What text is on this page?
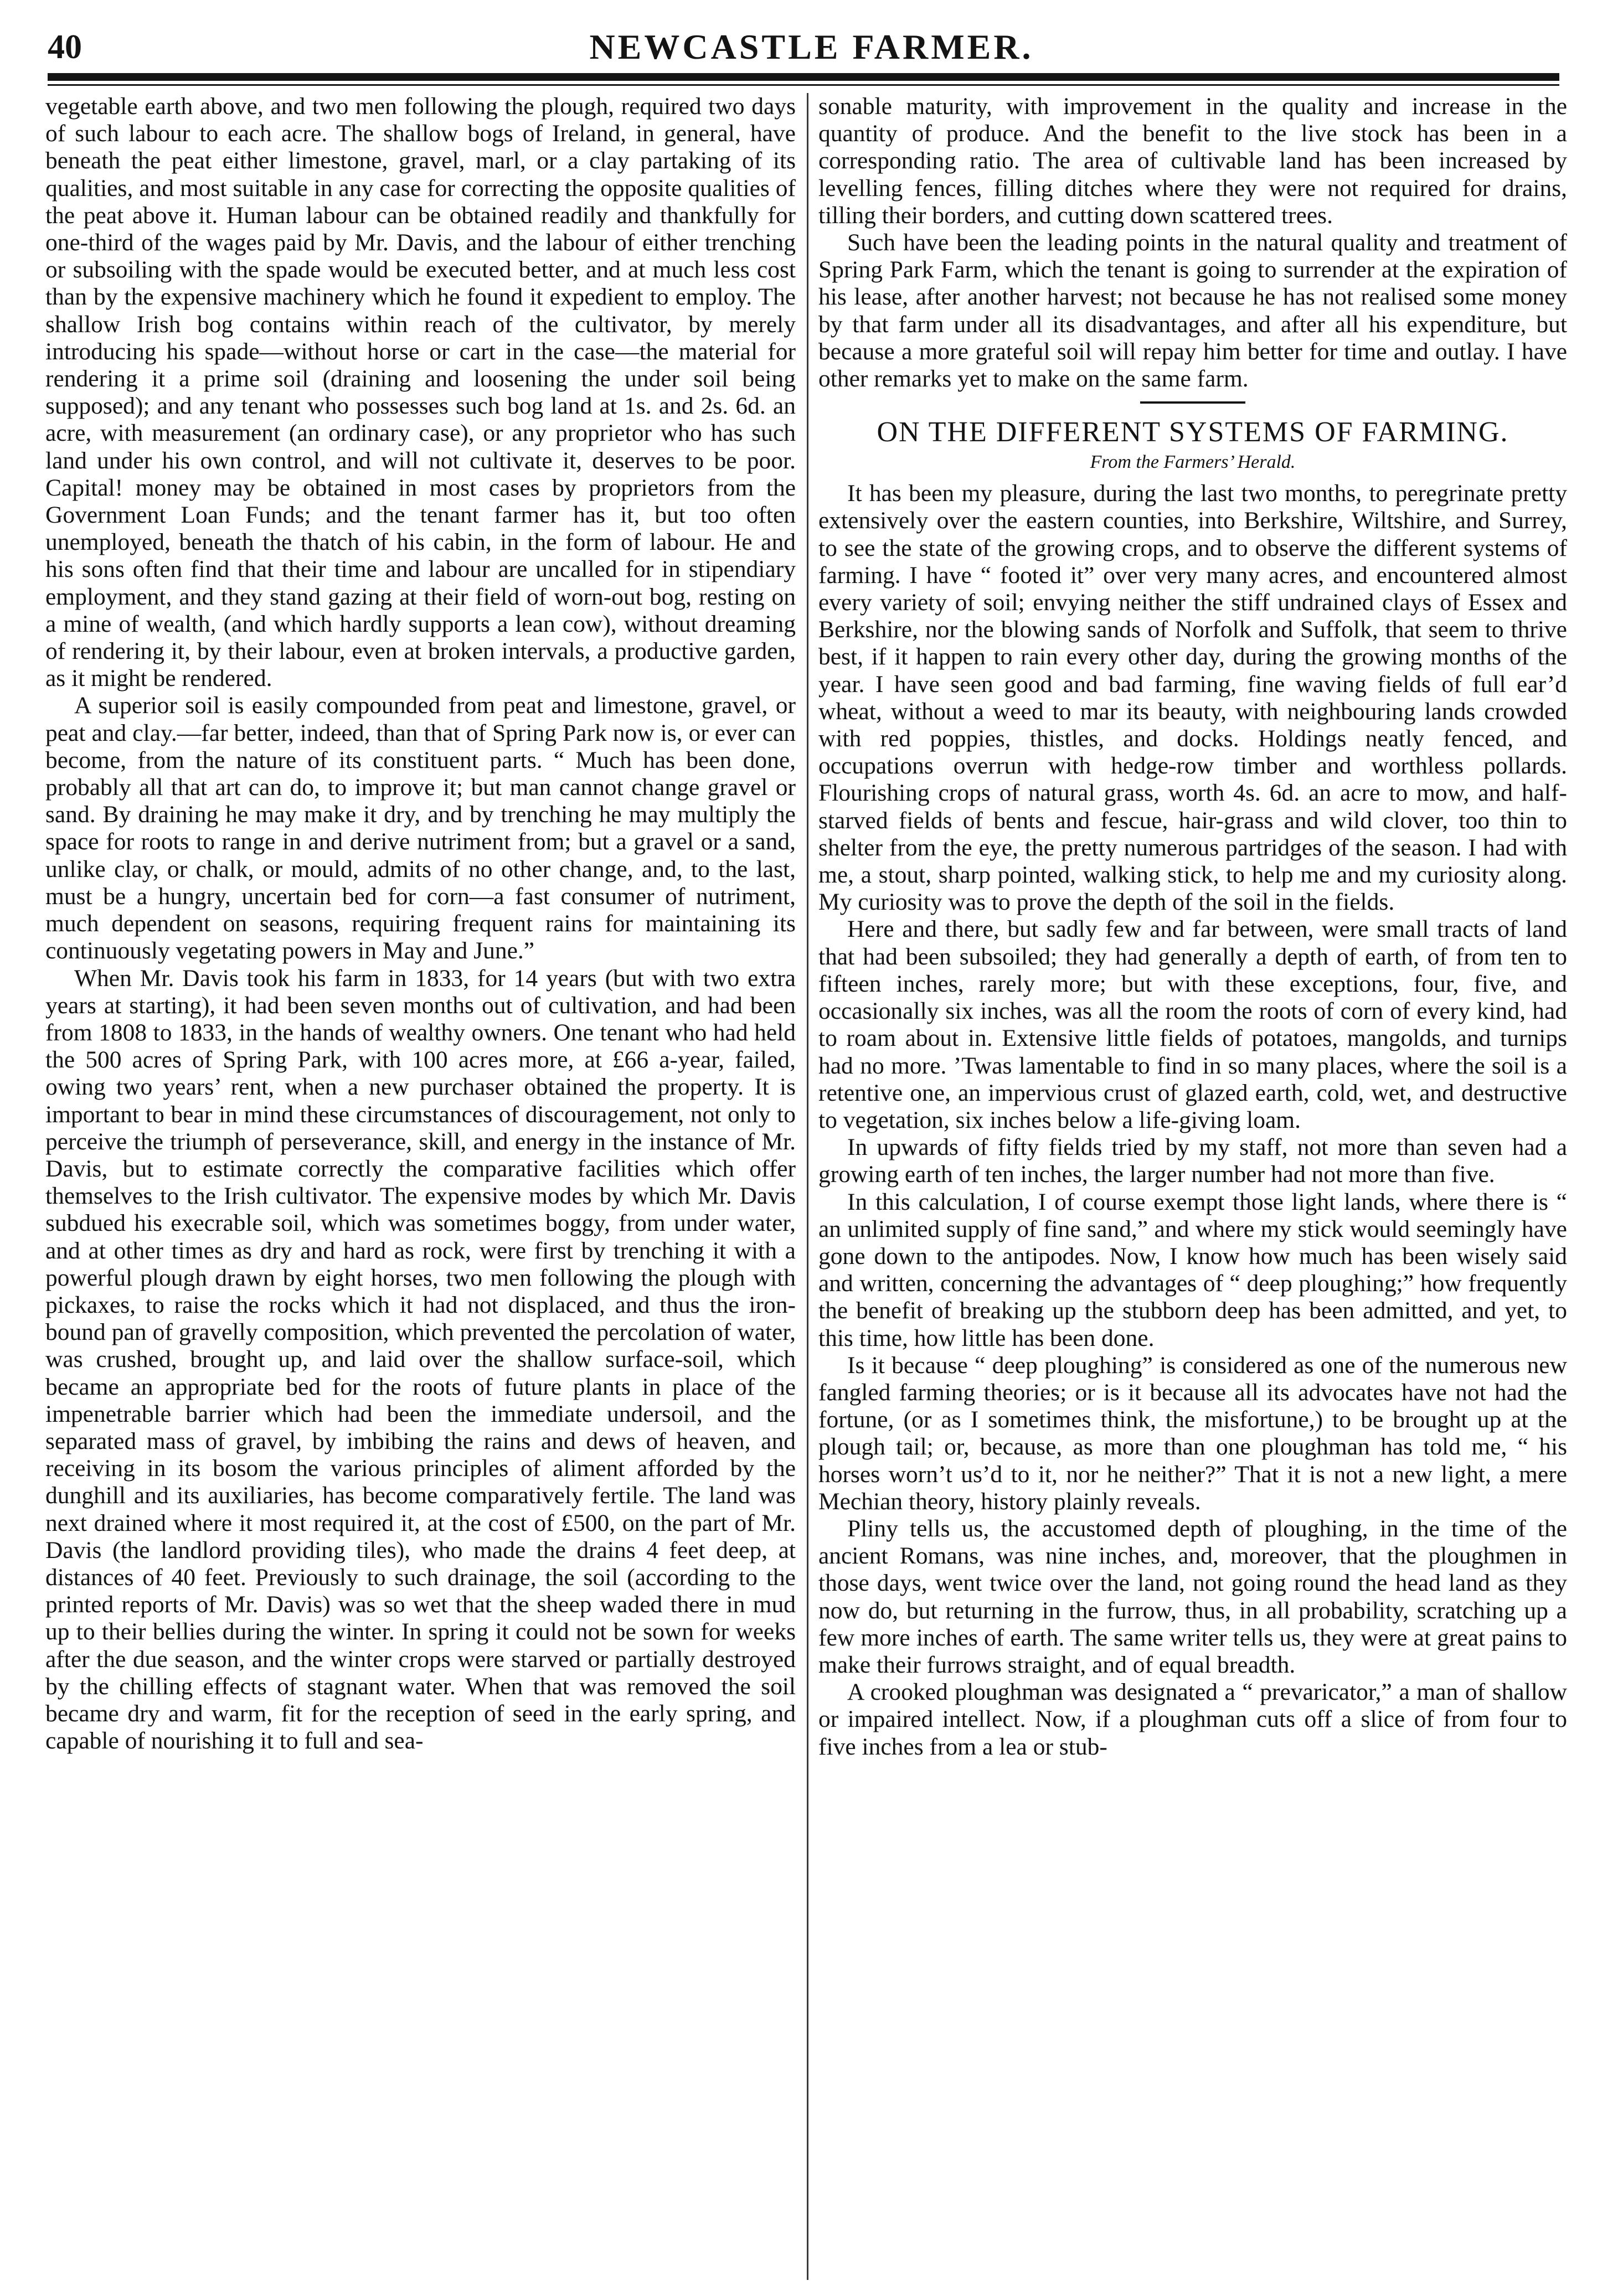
40	NEWCASTLE FARMER.

vegetable earth above, and two men following the plough, required two days of such labour to each acre. The shallow bogs of Ireland, in general, have beneath the peat either limestone, gravel, marl, or a clay partaking of its qualities, and most suitable in any case for correcting the opposite qualities of the peat above it. Human labour can be obtained readily and thankfully for one-third of the wages paid by Mr. Davis, and the labour of either trenching or subsoiling with the spade would be executed better, and at much less cost than by the expensive machinery which he found it expedient to employ. The shallow Irish bog contains within reach of the cultivator, by merely introducing his spade—without horse or cart in the case—the material for rendering it a prime soil (draining and loosening the under soil being supposed); and any tenant who possesses such bog land at 1s. and 2s. 6d. an acre, with measurement (an ordinary case), or any proprietor who has such land under his own control, and will not cultivate it, deserves to be poor. Capital! money may be obtained in most cases by proprietors from the Government Loan Funds; and the tenant farmer has it, but too often unemployed, beneath the thatch of his cabin, in the form of labour. He and his sons often find that their time and labour are uncalled for in stipendiary employment, and they stand gazing at their field of worn-out bog, resting on a mine of wealth, (and which hardly supports a lean cow), without dreaming of rendering it, by their labour, even at broken intervals, a productive garden, as it might be rendered.

A superior soil is easily compounded from peat and limestone, gravel, or peat and clay.—far better, indeed, than that of Spring Park now is, or ever can become, from the nature of its constituent parts. “ Much has been done, probably all that art can do, to improve it; but man cannot change gravel or sand. By draining he may make it dry, and by trenching he may multiply the space for roots to range in and derive nutriment from; but a gravel or a sand, unlike clay, or chalk, or mould, admits of no other change, and, to the last, must be a hungry, uncertain bed for corn—a fast consumer of nutriment, much dependent on seasons, requiring frequent rains for maintaining its continuously vegetating powers in May and June.”

When Mr. Davis took his farm in 1833, for 14 years (but with two extra years at starting), it had been seven months out of cultivation, and had been from 1808 to 1833, in the hands of wealthy owners. One tenant who had held the 500 acres of Spring Park, with 100 acres more, at £66 a-year, failed, owing two years’ rent, when a new purchaser obtained the property. It is important to bear in mind these circumstances of discouragement, not only to perceive the triumph of perseverance, skill, and energy in the instance of Mr. Davis, but to estimate correctly the comparative facilities which offer themselves to the Irish cultivator. The expensive modes by which Mr. Davis subdued his execrable soil, which was sometimes boggy, from under water, and at other times as dry and hard as rock, were first by trenching it with a powerful plough drawn by eight horses, two men following the plough with pickaxes, to raise the rocks which it had not displaced, and thus the iron-bound pan of gravelly composition, which prevented the percolation of water, was crushed, brought up, and laid over the shallow surface-soil, which became an appropriate bed for the roots of future plants in place of the impenetrable barrier which had been the immediate undersoil, and the separated mass of gravel, by imbibing the rains and dews of heaven, and receiving in its bosom the various principles of aliment afforded by the dunghill and its auxiliaries, has become comparatively fertile. The land was next drained where it most required it, at the cost of £500, on the part of Mr. Davis (the landlord providing tiles), who made the drains 4 feet deep, at distances of 40 feet. Previously to such drainage, the soil (according to the printed reports of Mr. Davis) was so wet that the sheep waded there in mud up to their bellies during the winter. In spring it could not be sown for weeks after the due season, and the winter crops were starved or partially destroyed by the chilling effects of stagnant water. When that was removed the soil became dry and warm, fit for the reception of seed in the early spring, and capable of nourishing it to full and sea-

sonable maturity, with improvement in the quality and increase in the quantity of produce. And the benefit to the live stock has been in a corresponding ratio. The area of cultivable land has been increased by levelling fences, filling ditches where they were not required for drains, tilling their borders, and cutting down scattered trees.

Such have been the leading points in the natural quality and treatment of Spring Park Farm, which the tenant is going to surrender at the expiration of his lease, after another harvest; not because he has not realised some money by that farm under all its disadvantages, and after all his expenditure, but because a more grateful soil will repay him better for time and outlay. I have other remarks yet to make on the same farm.

ON THE DIFFERENT SYSTEMS OF FARMING.
From the Farmers’ Herald.

It has been my pleasure, during the last two months, to peregrinate pretty extensively over the eastern counties, into Berkshire, Wiltshire, and Surrey, to see the state of the growing crops, and to observe the different systems of farming. I have “ footed it” over very many acres, and encountered almost every variety of soil; envying neither the stiff undrained clays of Essex and Berkshire, nor the blowing sands of Norfolk and Suffolk, that seem to thrive best, if it happen to rain every other day, during the growing months of the year. I have seen good and bad farming, fine waving fields of full ear’d wheat, without a weed to mar its beauty, with neighbouring lands crowded with red poppies, thistles, and docks. Holdings neatly fenced, and occupations overrun with hedge-row timber and worthless pollards. Flourishing crops of natural grass, worth 4s. 6d. an acre to mow, and half-starved fields of bents and fescue, hair-grass and wild clover, too thin to shelter from the eye, the pretty numerous partridges of the season. I had with me, a stout, sharp pointed, walking stick, to help me and my curiosity along. My curiosity was to prove the depth of the soil in the fields.

Here and there, but sadly few and far between, were small tracts of land that had been subsoiled; they had generally a depth of earth, of from ten to fifteen inches, rarely more; but with these exceptions, four, five, and occasionally six inches, was all the room the roots of corn of every kind, had to roam about in. Extensive little fields of potatoes, mangolds, and turnips had no more. ’Twas lamentable to find in so many places, where the soil is a retentive one, an impervious crust of glazed earth, cold, wet, and destructive to vegetation, six inches below a life-giving loam.

In upwards of fifty fields tried by my staff, not more than seven had a growing earth of ten inches, the larger number had not more than five.

In this calculation, I of course exempt those light lands, where there is “ an unlimited supply of fine sand,” and where my stick would seemingly have gone down to the antipodes. Now, I know how much has been wisely said and written, concerning the advantages of “ deep ploughing;” how frequently the benefit of breaking up the stubborn deep has been admitted, and yet, to this time, how little has been done.

Is it because “ deep ploughing” is considered as one of the numerous new fangled farming theories; or is it because all its advocates have not had the fortune, (or as I sometimes think, the misfortune,) to be brought up at the plough tail; or, because, as more than one ploughman has told me, “ his horses worn’t us’d to it, nor he neither?” That it is not a new light, a mere Mechian theory, history plainly reveals.

Pliny tells us, the accustomed depth of ploughing, in the time of the ancient Romans, was nine inches, and, moreover, that the ploughmen in those days, went twice over the land, not going round the head land as they now do, but returning in the furrow, thus, in all probability, scratching up a few more inches of earth. The same writer tells us, they were at great pains to make their furrows straight, and of equal breadth.

A crooked ploughman was designated a “ prevaricator,” a man of shallow or impaired intellect. Now, if a ploughman cuts off a slice of from four to five inches from a lea or stub-
